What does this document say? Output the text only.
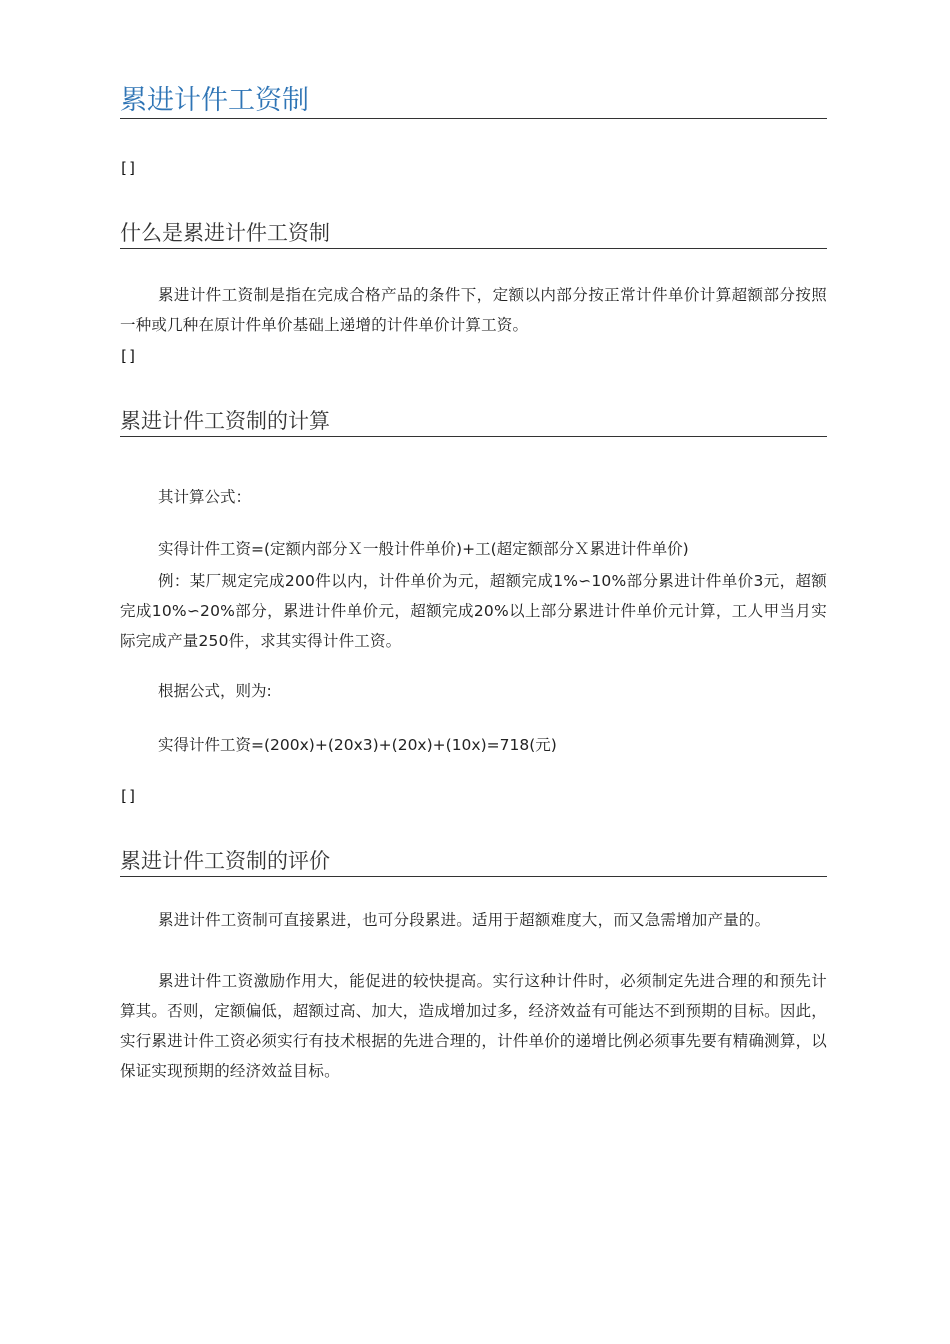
累进计件工资制
[]
什么是累进计件工资制
累进计件工资制是指在完成合格产品的条件下，定额以内部分按正常计件单价计算超额部分按照一种或几种在原计件单价基础上递增的计件单价计算工资。
[]
累进计件工资制的计算
其计算公式：
实得计件工资=(定额内部分Ｘ一般计件单价)+工(超定额部分Ｘ累进计件单价)
例：某厂规定完成200件以内，计件单价为元，超额完成1%∽10%部分累进计件单价3元，超额完成10%∽20%部分，累进计件单价元，超额完成20%以上部分累进计件单价元计算，工人甲当月实际完成产量250件，求其实得计件工资。
根据公式，则为:
实得计件工资=(200x)+(20x3)+(20x)+(10x)=718(元)
[]
累进计件工资制的评价
累进计件工资制可直接累进，也可分段累进。适用于超额难度大，而又急需增加产量的。
累进计件工资激励作用大，能促进的较快提高。实行这种计件时，必须制定先进合理的和预先计算其。否则，定额偏低，超额过高、加大，造成增加过多，经济效益有可能达不到预期的目标。因此，实行累进计件工资必须实行有技术根据的先进合理的，计件单价的递增比例必须事先要有精确测算，以保证实现预期的经济效益目标。
